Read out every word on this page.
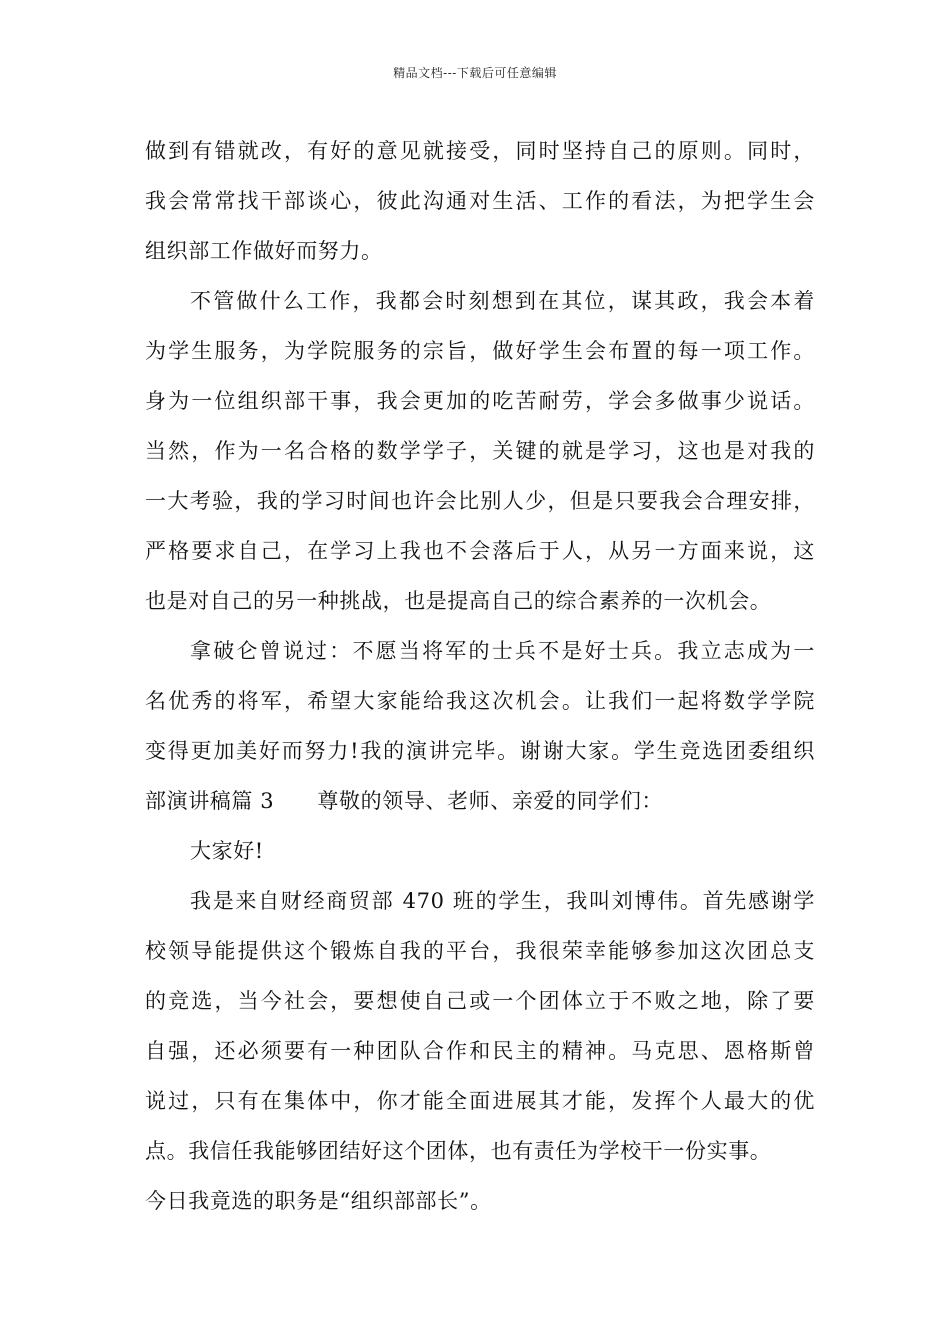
精品文档---下载后可任意编辑
做到有错就改，有好的意见就接受，同时坚持自己的原则。同时，
我会常常找干部谈心，彼此沟通对生活、工作的看法，为把学生会
组织部工作做好而努力。
不管做什么工作，我都会时刻想到在其位，谋其政，我会本着
为学生服务，为学院服务的宗旨，做好学生会布置的每一项工作。
身为一位组织部干事，我会更加的吃苦耐劳，学会多做事少说话。
当然，作为一名合格的数学学子，关键的就是学习，这也是对我的
一大考验，我的学习时间也许会比别人少，但是只要我会合理安排，
严格要求自己，在学习上我也不会落后于人，从另一方面来说，这
也是对自己的另一种挑战，也是提高自己的综合素养的一次机会。
拿破仑曾说过：不愿当将军的士兵不是好士兵。我立志成为一
名优秀的将军，希望大家能给我这次机会。让我们一起将数学学院
变得更加美好而努力!我的演讲完毕。谢谢大家。学生竞选团委组织
部演讲稿篇 3　　尊敬的领导、老师、亲爱的同学们：
大家好!
我是来自财经商贸部 470 班的学生，我叫刘博伟。首先感谢学
校领导能提供这个锻炼自我的平台，我很荣幸能够参加这次团总支
的竞选，当今社会，要想使自己或一个团体立于不败之地，除了要
自强，还必须要有一种团队合作和民主的精神。马克思、恩格斯曾
说过，只有在集体中，你才能全面进展其才能，发挥个人最大的优
点。我信任我能够团结好这个团体，也有责任为学校干一份实事。
今日我竟选的职务是“组织部部长”。
